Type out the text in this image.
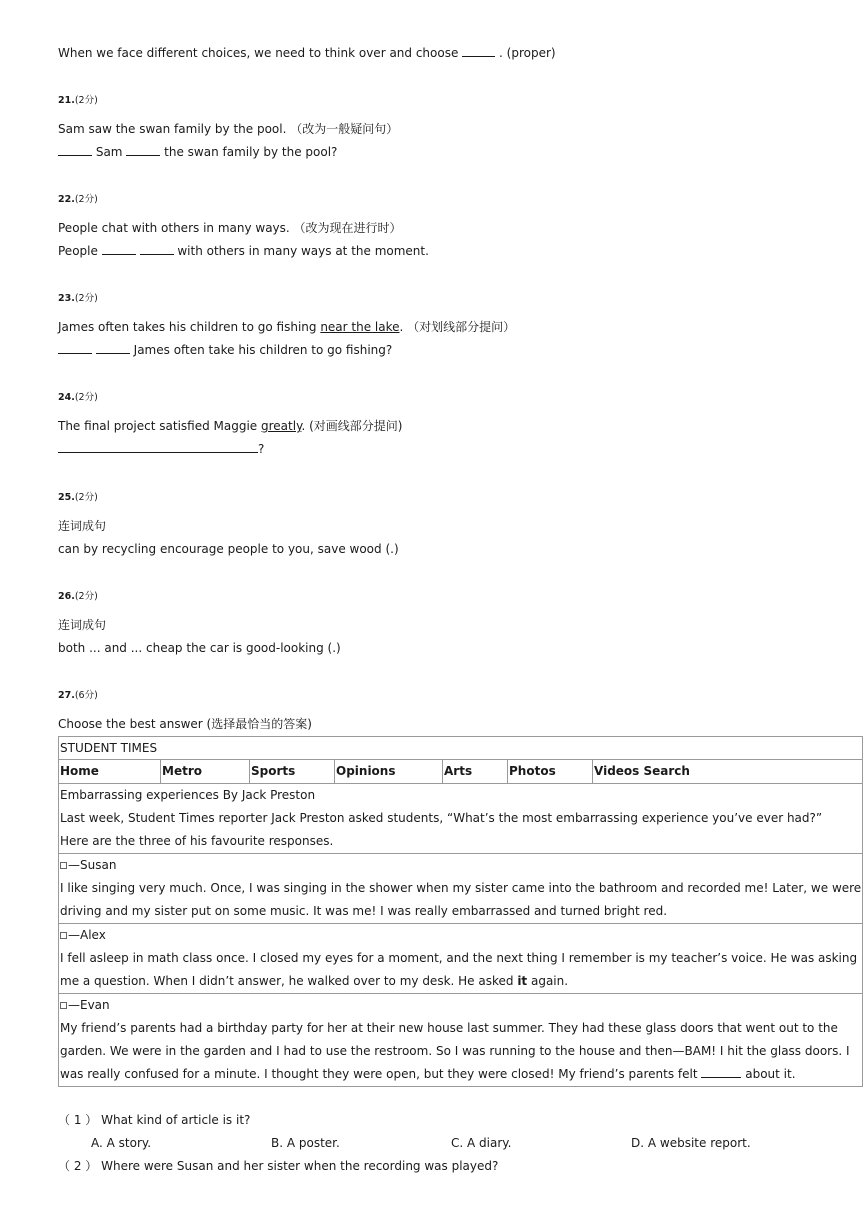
When we face different choices, we need to think over and choose	. (proper)
21.(2分)
Sam saw the swan family by the pool. （改为一般疑问句）
Sam	the swan family by the pool?
22.(2分)
People chat with others in many ways. （改为现在进行时）
People	with others in many ways at the moment.
23.(2分)
James often takes his children to go fishing near the lake. （对划线部分提问）
James often take his children to go fishing?
24.(2分)
The final project satisfied Maggie greatly. (对画线部分提问)
?
25.(2分)
连词成句
can by recycling encourage people to you, save wood (.)
26.(2分)
连词成句
both ... and ... cheap the car is good-looking (.)
27.(6分)
Choose the best answer (选择最恰当的答案)
STUDENT TIMES
Home	Metro	Sports	Opinions	Arts	Photos	Videos Search

Embarrassing experiences By Jack Preston
Last week, Student Times reporter Jack Preston asked students, “What’s the most embarrassing experience you’ve ever had?”
Here are the three of his favourite responses.

—Susan
I like singing very much. Once, I was singing in the shower when my sister came into the bathroom and recorded me! Later, we were
driving and my sister put on some music. It was me! I was really embarrassed and turned bright red.

—Alex
I fell asleep in math class once. I closed my eyes for a moment, and the next thing I remember is my teacher’s voice. He was asking
me a question. When I didn’t answer, he walked over to my desk. He asked it again.

—Evan
My friend’s parents had a birthday party for her at their new house last summer. They had these glass doors that went out to the
garden. We were in the garden and I had to use the restroom. So I was running to the house and then—BAM! I hit the glass doors. I
was really confused for a minute. I thought they were open, but they were closed! My friend’s parents felt	about it.
（ 1 ） What kind of article is it?
A. A story.	B. A poster.	C. A diary.	D. A website report.
（ 2 ） Where were Susan and her sister when the recording was played?
